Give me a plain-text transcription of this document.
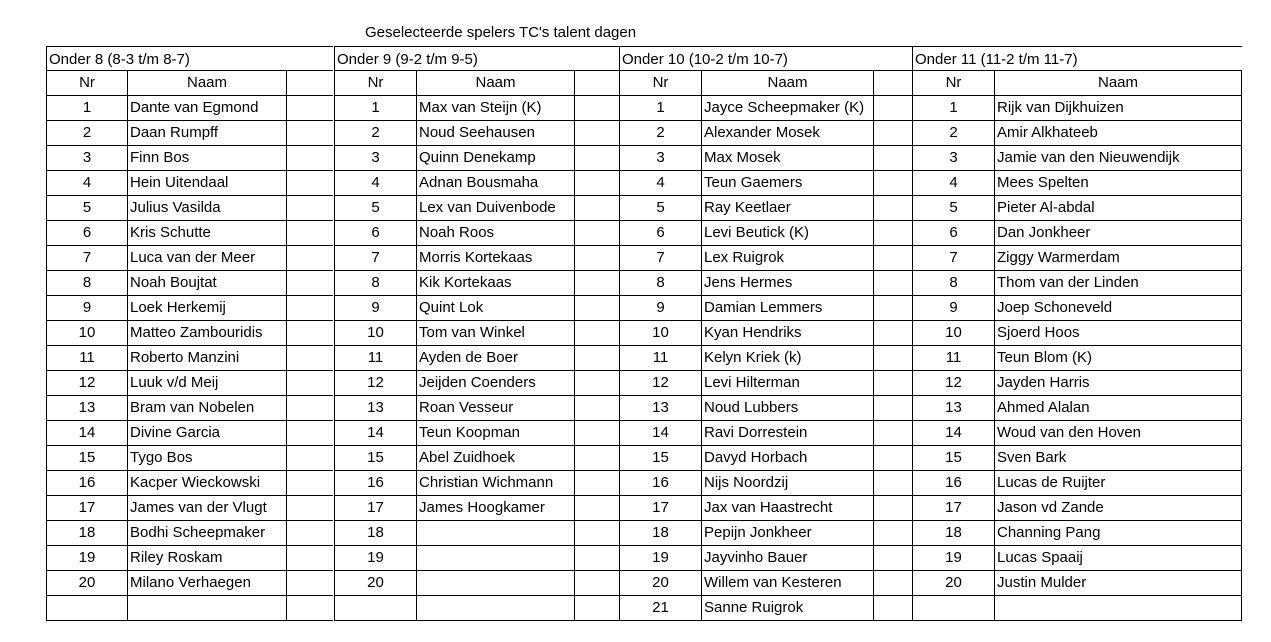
Geselecteerde spelers TC's talent dagen
Onder 8 (8-3 t/m 8-7)
Nr	Naam
1	Dante van Egmond
2	Daan Rumpff
3	Finn Bos
4	Hein Uitendaal
5	Julius Vasilda
6	Kris Schutte
7	Luca van der Meer
8	Noah Boujtat
9	Loek Herkemij
10	Matteo Zambouridis
11	Roberto Manzini
12	Luuk v/d Meij
13	Bram van Nobelen
14	Divine Garcia
15	Tygo Bos
16	Kacper Wieckowski
17	James van der Vlugt
18	Bodhi Scheepmaker
19	Riley Roskam
20	Milano Verhaegen
Onder 9 (9-2 t/m 9-5)
Nr	Naam
1	Max van Steijn (K)
2	Noud Seehausen
3	Quinn Denekamp
4	Adnan Bousmaha
5	Lex van Duivenbode
6	Noah Roos
7	Morris Kortekaas
8	Kik Kortekaas
9	Quint Lok
10	Tom van Winkel
11	Ayden de Boer
12	Jeijden Coenders
13	Roan Vesseur
14	Teun Koopman
15	Abel Zuidhoek
16	Christian Wichmann
17	James Hoogkamer
18
19
20
Onder 10 (10-2 t/m 10-7)
Nr	Naam
1	Jayce Scheepmaker (K)
2	Alexander Mosek
3	Max Mosek
4	Teun Gaemers
5	Ray Keetlaer
6	Levi Beutick (K)
7	Lex Ruigrok
8	Jens Hermes
9	Damian Lemmers
10	Kyan Hendriks
11	Kelyn Kriek (k)
12	Levi Hilterman
13	Noud Lubbers
14	Ravi Dorrestein
15	Davyd Horbach
16	Nijs Noordzij
17	Jax van Haastrecht
18	Pepijn Jonkheer
19	Jayvinho Bauer
20	Willem van Kesteren
21	Sanne Ruigrok
Onder 11 (11-2 t/m 11-7)
Nr	Naam
1	Rijk van Dijkhuizen
2	Amir Alkhateeb
3	Jamie van den Nieuwendijk
4	Mees Spelten
5	Pieter Al-abdal
6	Dan Jonkheer
7	Ziggy Warmerdam
8	Thom van der Linden
9	Joep Schoneveld
10	Sjoerd Hoos
11	Teun Blom (K)
12	Jayden Harris
13	Ahmed Alalan
14	Woud van den Hoven
15	Sven Bark
16	Lucas de Ruijter
17	Jason vd Zande
18	Channing Pang
19	Lucas Spaaij
20	Justin Mulder
